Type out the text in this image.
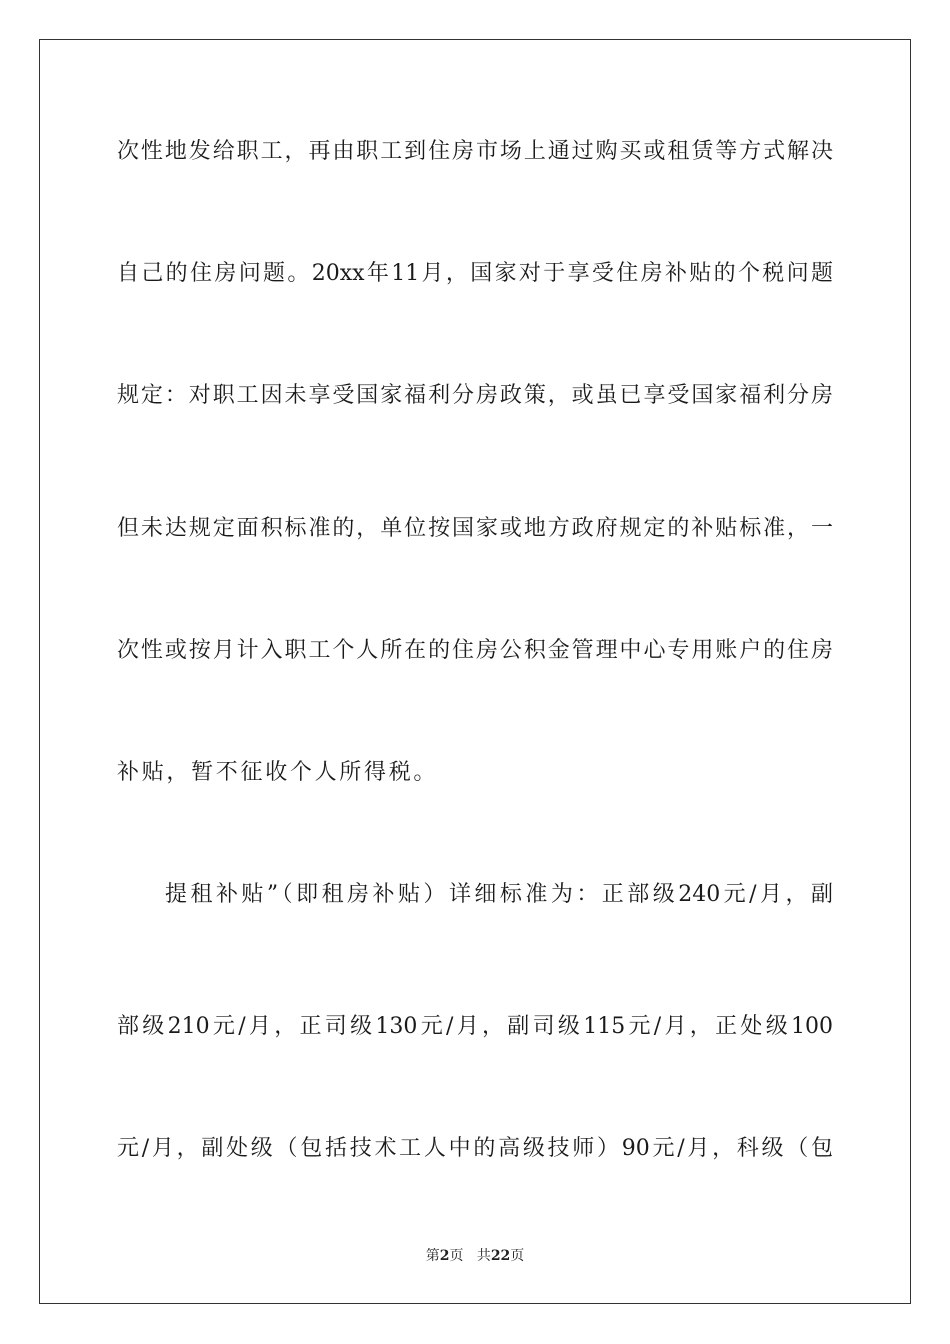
次性地发给职工，再由职工到住房市场上通过购买或租赁等方式解决
自己的住房问题。20xx年11月，国家对于享受住房补贴的个税问题
规定：对职工因未享受国家福利分房政策，或虽已享受国家福利分房
但未达规定面积标准的，单位按国家或地方政府规定的补贴标准，一
次性或按月计入职工个人所在的住房公积金管理中心专用账户的住房
补贴，暂不征收个人所得税。
提租补贴”（即租房补贴）详细标准为：正部级240元/月，副
部级210元/月，正司级130元/月，副司级115元/月，正处级100
元/月，副处级（包括技术工人中的高级技师）90元/月，科级（包
第2页 共22页
